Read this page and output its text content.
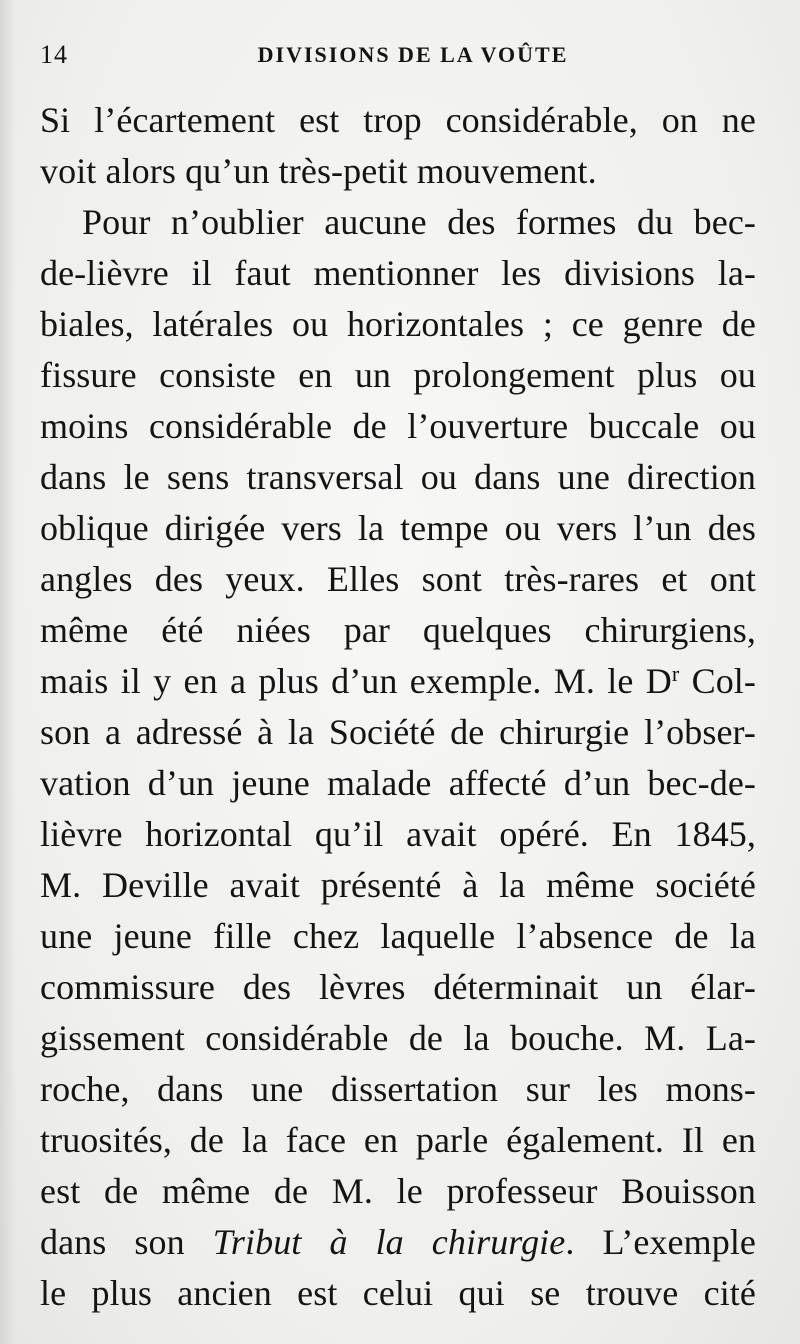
14	DIVISIONS DE LA VOÛTE
Si l’écartement est trop considérable, on ne
voit alors qu’un très-petit mouvement.
Pour n’oublier aucune des formes du bec-
de-lièvre il faut mentionner les divisions la-
biales, latérales ou horizontales ; ce genre de
fissure consiste en un prolongement plus ou
moins considérable de l’ouverture buccale ou
dans le sens transversal ou dans une direction
oblique dirigée vers la tempe ou vers l’un des
angles des yeux. Elles sont très-rares et ont
même été niées par quelques chirurgiens,
mais il y en a plus d’un exemple. M. le $D^r$ Col-
son a adressé à la Société de chirurgie l’obser-
vation d’un jeune malade affecté d’un bec-de-
lièvre horizontal qu’il avait opéré. En 1845,
M. Deville avait présenté à la même société
une jeune fille chez laquelle l’absence de la
commissure des lèvres déterminait un élar-
gissement considérable de la bouche. M. La-
roche, dans une dissertation sur les mons-
truosités, de la face en parle également. Il en
est de même de M. le professeur Bouisson
dans son Tribut à la chirurgie. L’exemple
le plus ancien est celui qui se trouve cité
